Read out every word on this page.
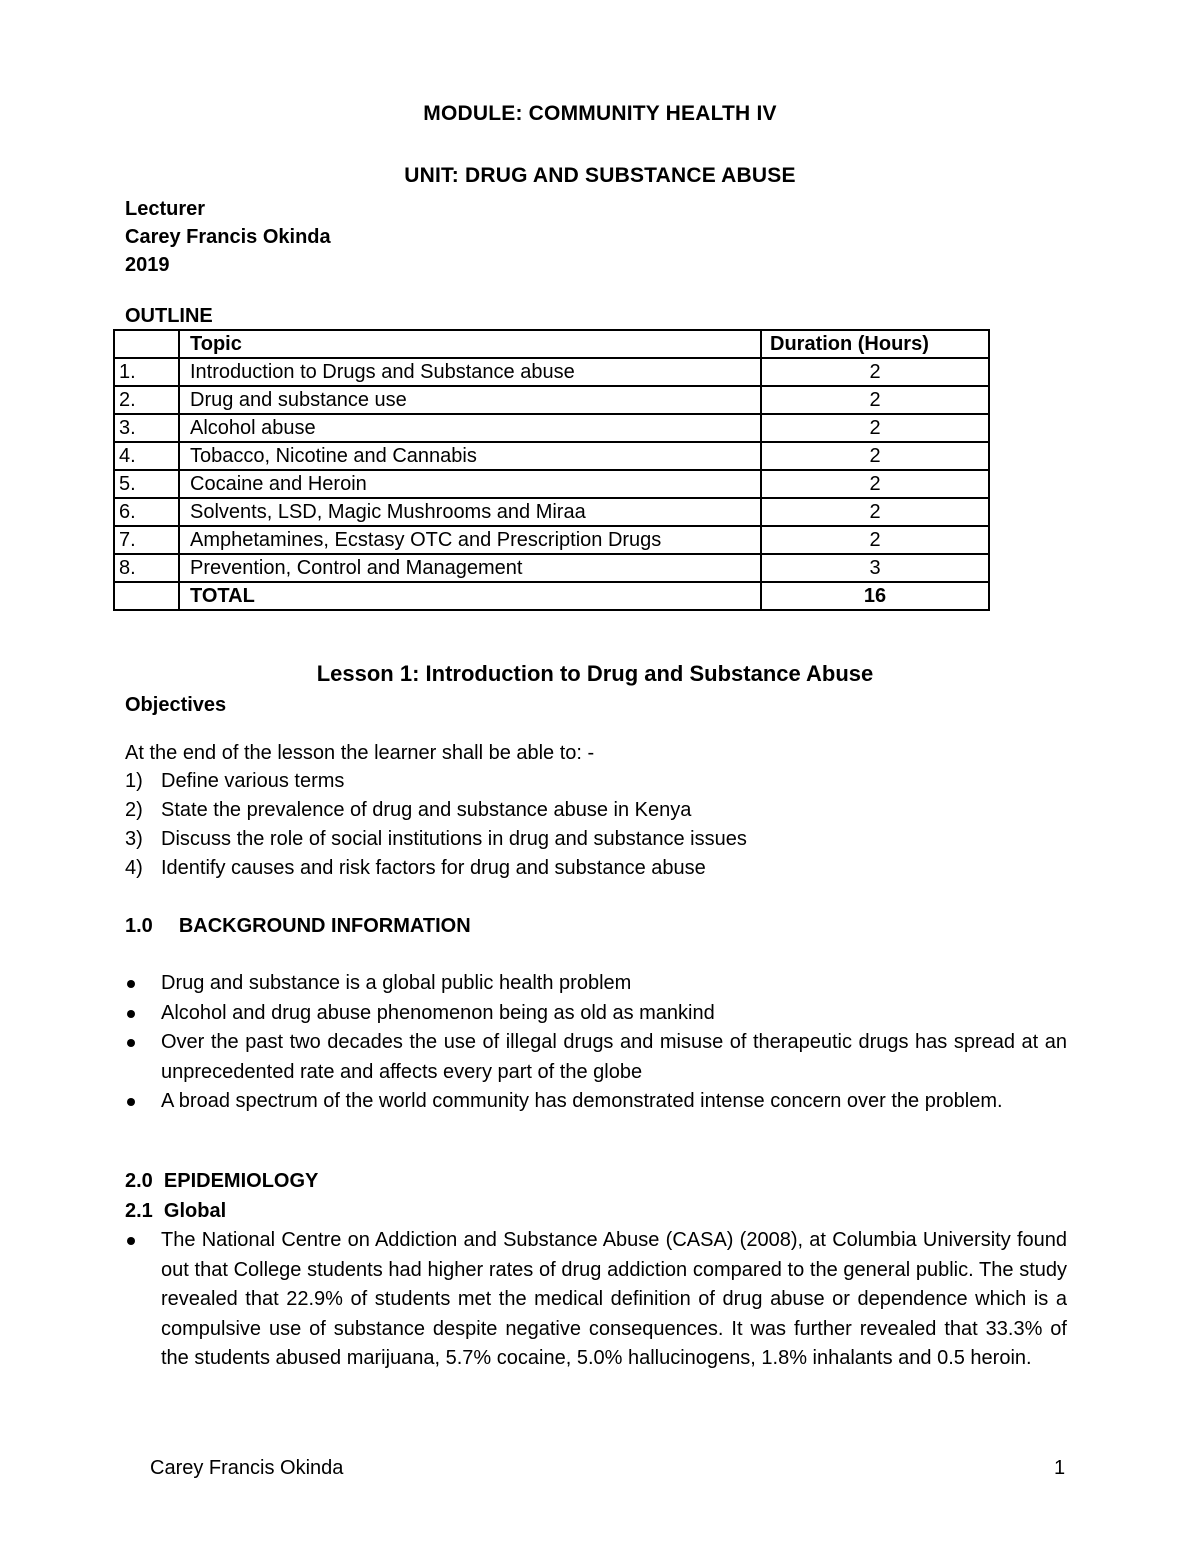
MODULE: COMMUNITY HEALTH IV
UNIT: DRUG AND SUBSTANCE ABUSE
Lecturer
Carey Francis Okinda
2019
OUTLINE
	Topic	Duration (Hours)
1.	Introduction to Drugs and Substance abuse	2
2.	Drug and substance use	2
3.	Alcohol abuse	2
4.	Tobacco, Nicotine and Cannabis	2
5.	Cocaine and Heroin	2
6.	Solvents, LSD, Magic Mushrooms and Miraa	2
7.	Amphetamines, Ecstasy OTC and Prescription Drugs	2
8.	Prevention, Control and Management	3
	TOTAL	16
Lesson 1: Introduction to Drug and Substance Abuse
Objectives
At the end of the lesson the learner shall be able to: -
1) Define various terms
2) State the prevalence of drug and substance abuse in Kenya
3) Discuss the role of social institutions in drug and substance issues
4) Identify causes and risk factors for drug and substance abuse
1.0 BACKGROUND INFORMATION
Drug and substance is a global public health problem
Alcohol and drug abuse phenomenon being as old as mankind
Over the past two decades the use of illegal drugs and misuse of therapeutic drugs has spread at an unprecedented rate and affects every part of the globe
A broad spectrum of the world community has demonstrated intense concern over the problem.
2.0  EPIDEMIOLOGY
2.1  Global
The National Centre on Addiction and Substance Abuse (CASA) (2008), at Columbia University found out that College students had higher rates of drug addiction compared to the general public. The study revealed that 22.9% of students met the medical definition of drug abuse or dependence which is a compulsive use of substance despite negative consequences. It was further revealed that 33.3% of the students abused marijuana, 5.7% cocaine, 5.0% hallucinogens, 1.8% inhalants and 0.5 heroin.
Carey Francis Okinda	1
